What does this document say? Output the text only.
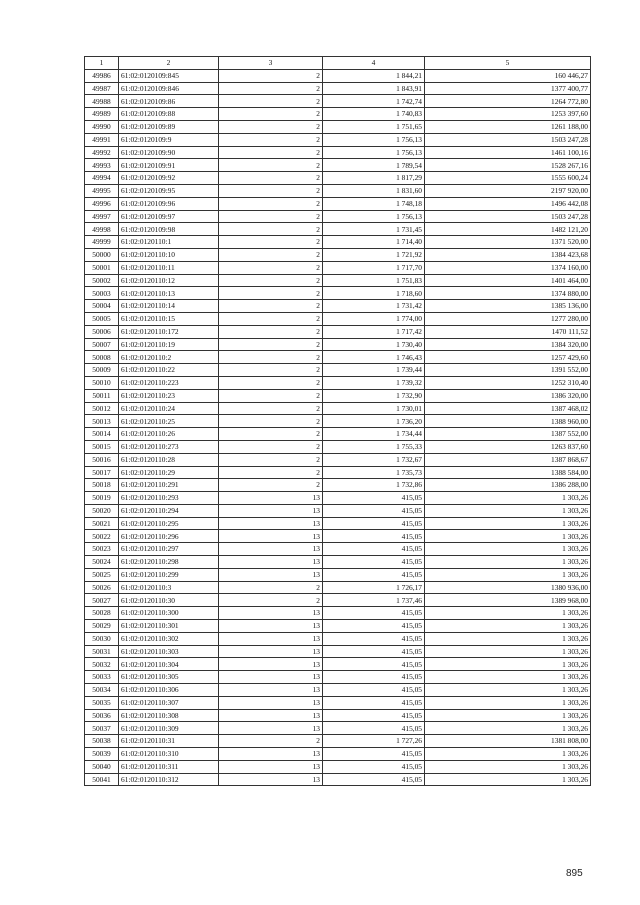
1	2	3	4	5
49986	61:02:0120109:845	2	1 844,21	160 446,27
49987	61:02:0120109:846	2	1 843,91	1377 400,77
49988	61:02:0120109:86	2	1 742,74	1264 772,80
49989	61:02:0120109:88	2	1 740,83	1253 397,60
49990	61:02:0120109:89	2	1 751,65	1261 188,00
49991	61:02:0120109:9	2	1 756,13	1503 247,28
49992	61:02:0120109:90	2	1 756,13	1461 100,16
49993	61:02:0120109:91	2	1 789,54	1528 267,16
49994	61:02:0120109:92	2	1 817,29	1555 600,24
49995	61:02:0120109:95	2	1 831,60	2197 920,00
49996	61:02:0120109:96	2	1 748,18	1496 442,08
49997	61:02:0120109:97	2	1 756,13	1503 247,28
49998	61:02:0120109:98	2	1 731,45	1482 121,20
49999	61:02:0120110:1	2	1 714,40	1371 520,00
50000	61:02:0120110:10	2	1 721,92	1384 423,68
50001	61:02:0120110:11	2	1 717,70	1374 160,00
50002	61:02:0120110:12	2	1 751,83	1401 464,00
50003	61:02:0120110:13	2	1 718,60	1374 880,00
50004	61:02:0120110:14	2	1 731,42	1385 136,00
50005	61:02:0120110:15	2	1 774,00	1277 280,00
50006	61:02:0120110:172	2	1 717,42	1470 111,52
50007	61:02:0120110:19	2	1 730,40	1384 320,00
50008	61:02:0120110:2	2	1 746,43	1257 429,60
50009	61:02:0120110:22	2	1 739,44	1391 552,00
50010	61:02:0120110:223	2	1 739,32	1252 310,40
50011	61:02:0120110:23	2	1 732,90	1386 320,00
50012	61:02:0120110:24	2	1 730,01	1387 468,02
50013	61:02:0120110:25	2	1 736,20	1388 960,00
50014	61:02:0120110:26	2	1 734,44	1387 552,00
50015	61:02:0120110:273	2	1 755,33	1263 837,60
50016	61:02:0120110:28	2	1 732,67	1387 868,67
50017	61:02:0120110:29	2	1 735,73	1388 584,00
50018	61:02:0120110:291	2	1 732,86	1386 288,00
50019	61:02:0120110:293	13	415,05	1 303,26
50020	61:02:0120110:294	13	415,05	1 303,26
50021	61:02:0120110:295	13	415,05	1 303,26
50022	61:02:0120110:296	13	415,05	1 303,26
50023	61:02:0120110:297	13	415,05	1 303,26
50024	61:02:0120110:298	13	415,05	1 303,26
50025	61:02:0120110:299	13	415,05	1 303,26
50026	61:02:0120110:3	2	1 726,17	1380 936,00
50027	61:02:0120110:30	2	1 737,46	1389 968,00
50028	61:02:0120110:300	13	415,05	1 303,26
50029	61:02:0120110:301	13	415,05	1 303,26
50030	61:02:0120110:302	13	415,05	1 303,26
50031	61:02:0120110:303	13	415,05	1 303,26
50032	61:02:0120110:304	13	415,05	1 303,26
50033	61:02:0120110:305	13	415,05	1 303,26
50034	61:02:0120110:306	13	415,05	1 303,26
50035	61:02:0120110:307	13	415,05	1 303,26
50036	61:02:0120110:308	13	415,05	1 303,26
50037	61:02:0120110:309	13	415,05	1 303,26
50038	61:02:0120110:31	2	1 727,26	1381 808,00
50039	61:02:0120110:310	13	415,05	1 303,26
50040	61:02:0120110:311	13	415,05	1 303,26
50041	61:02:0120110:312	13	415,05	1 303,26
895
